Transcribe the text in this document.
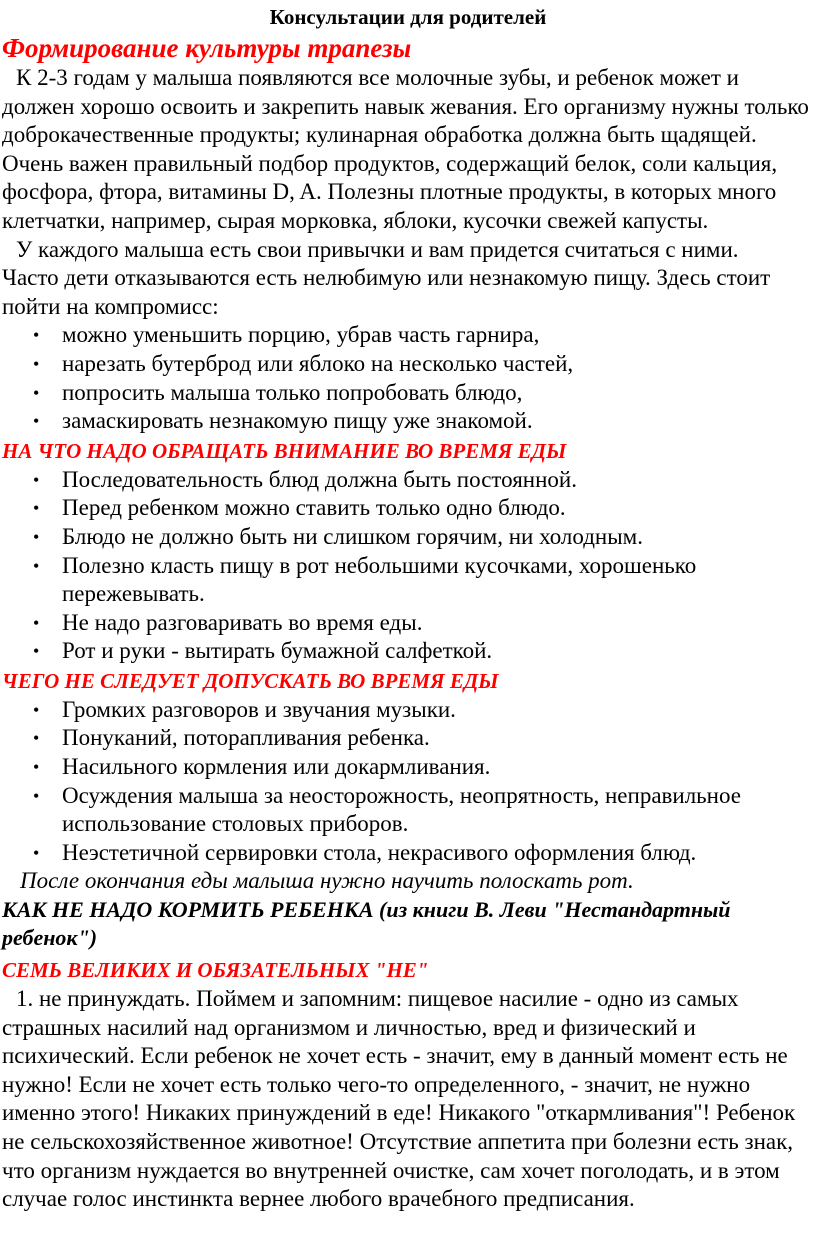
Консультации для родителей
Формирование культуры трапезы

К 2-3 годам у малыша появляются все молочные зубы, и ребенок может и должен хорошо освоить и закрепить навык жевания. Его организму нужны только доброкачественные продукты; кулинарная обработка должна быть щадящей. Очень важен правильный подбор продуктов, содержащий белок, соли кальция, фосфора, фтора, витамины D, A. Полезны плотные продукты, в которых много клетчатки, например, сырая морковка, яблоки, кусочки свежей капусты.

У каждого малыша есть свои привычки и вам придется считаться с ними.

Часто дети отказываются есть нелюбимую или незнакомую пищу. Здесь стоит пойти на компромисс:

• можно уменьшить порцию, убрав часть гарнира,
• нарезать бутерброд или яблоко на несколько частей,
• попросить малыша только попробовать блюдо,
• замаскировать незнакомую пищу уже знакомой.
НА ЧТО НАДО ОБРАЩАТЬ ВНИМАНИЕ ВО ВРЕМЯ ЕДЫ
• Последовательность блюд должна быть постоянной.
• Перед ребенком можно ставить только одно блюдо.
• Блюдо не должно быть ни слишком горячим, ни холодным.
• Полезно класть пищу в рот небольшими кусочками, хорошенько пережевывать.
• Не надо разговаривать во время еды.
• Рот и руки - вытирать бумажной салфеткой.
ЧЕГО НЕ СЛЕДУЕТ ДОПУСКАТЬ ВО ВРЕМЯ ЕДЫ
• Громких разговоров и звучания музыки.
• Понуканий, поторапливания ребенка.
• Насильного кормления или докармливания.
• Осуждения малыша за неосторожность, неопрятность, неправильное использование столовых приборов.
• Неэстетичной сервировки стола, некрасивого оформления блюд.

После окончания еды малыша нужно научить полоскать рот.

КАК НЕ НАДО КОРМИТЬ РЕБЕНКА (из книги В. Леви "Нестандартный ребенок")
СЕМЬ ВЕЛИКИХ И ОБЯЗАТЕЛЬНЫХ "НЕ"

1. не принуждать. Поймем и запомним: пищевое насилие - одно из самых страшных насилий над организмом и личностью, вред и физический и психический. Если ребенок не хочет есть - значит, ему в данный момент есть не нужно! Если не хочет есть только чего-то определенного, - значит, не нужно именно этого! Никаких принуждений в еде! Никакого "откармливания"! Ребенок не сельскохозяйственное животное! Отсутствие аппетита при болезни есть знак, что организм нуждается во внутренней очистке, сам хочет поголодать, и в этом случае голос инстинкта вернее любого врачебного предписания.
